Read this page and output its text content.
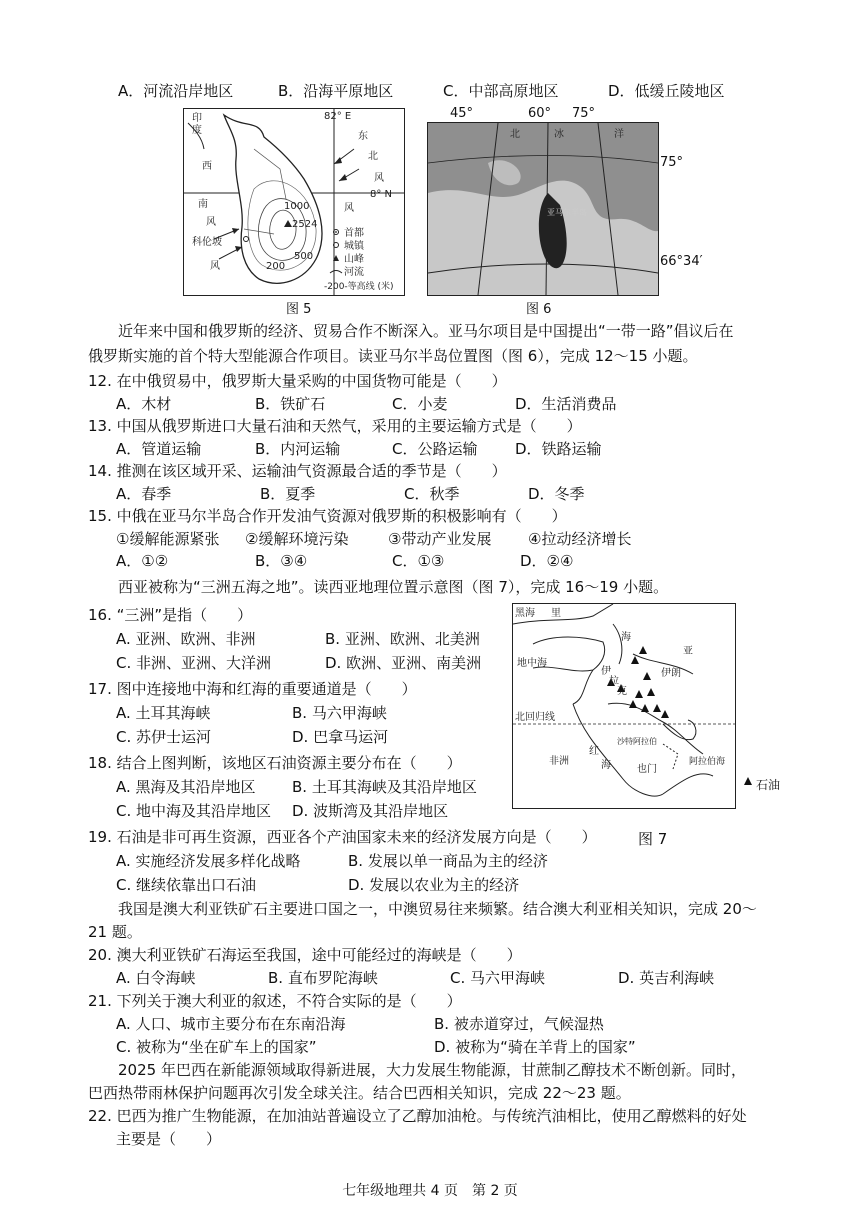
A．河流沿岸地区	B．沿海平原地区	C．中部高原地区	D．低缓丘陵地区
印
度
82° E
8° N
东
北
风
西
南	风
风
科伦坡
风
2524
1000
500
200
首都
城镇
山峰
河流
-200-等高线 (米)
图 5
北	冰	洋
亚马尔半岛
45°	60° 75°
75°
66°34′
图 6
近年来中国和俄罗斯的经济、贸易合作不断深入。亚马尔项目是中国提出“一带一路”倡议后在
俄罗斯实施的首个特大型能源合作项目。读亚马尔半岛位置图（图 6），完成 12～15 小题。
12. 在中俄贸易中，俄罗斯大量采购的中国货物可能是（　　）
A．木材	B．铁矿石	C．小麦	D．生活消费品
13. 中国从俄罗斯进口大量石油和天然气，采用的主要运输方式是（　　）
A．管道运输	B．内河运输	C．公路运输	D．铁路运输
14. 推测在该区域开采、运输油气资源最合适的季节是（　　）
A．春季	B．夏季	C．秋季	D．冬季
15. 中俄在亚马尔半岛合作开发油气资源对俄罗斯的积极影响有（　　）
①缓解能源紧张 ②缓解环境污染	③带动产业发展 ④拉动经济增长
A．①②	B．③④	C．①③	D．②④
西亚被称为“三洲五海之地”。读西亚地理位置示意图（图 7），完成 16～19 小题。
16. “三洲”是指（　　）
A. 亚洲、欧洲、非洲	B. 亚洲、欧洲、北美洲
C. 非洲、亚洲、大洋洲	D. 欧洲、亚洲、南美洲
17. 图中连接地中海和红海的重要通道是（　　）
A. 土耳其海峡	B. 马六甲海峡
C. 苏伊士运河	D. 巴拿马运河
18. 结合上图判断，该地区石油资源主要分布在（　　）
A. 黑海及其沿岸地区 B. 土耳其海峡及其沿岸地区
C. 地中海及其沿岸地区 D. 波斯湾及其沿岸地区
黑海 里
海
亚
地中海
伊朗
伊
拉
克
北回归线
沙特阿拉伯
红
海
非洲
也门
阿拉伯海
石油
19. 石油是非可再生资源，西亚各个产油国家未来的经济发展方向是（　　）	图 7
A. 实施经济发展多样化战略	B. 发展以单一商品为主的经济
C. 继续依靠出口石油	D. 发展以农业为主的经济
我国是澳大利亚铁矿石主要进口国之一，中澳贸易往来频繁。结合澳大利亚相关知识，完成 20～
21 题。
20. 澳大利亚铁矿石海运至我国，途中可能经过的海峡是（　　）
A. 白令海峡	B. 直布罗陀海峡	C. 马六甲海峡	D. 英吉利海峡
21. 下列关于澳大利亚的叙述，不符合实际的是（　　）
A. 人口、城市主要分布在东南沿海	B. 被赤道穿过，气候湿热
C. 被称为“坐在矿车上的国家”	D. 被称为“骑在羊背上的国家”
2025 年巴西在新能源领域取得新进展，大力发展生物能源，甘蔗制乙醇技术不断创新。同时，
巴西热带雨林保护问题再次引发全球关注。结合巴西相关知识，完成 22～23 题。
22. 巴西为推广生物能源，在加油站普遍设立了乙醇加油枪。与传统汽油相比，使用乙醇燃料的好处
主要是（　　）
七年级地理共 4 页　第 2 页
